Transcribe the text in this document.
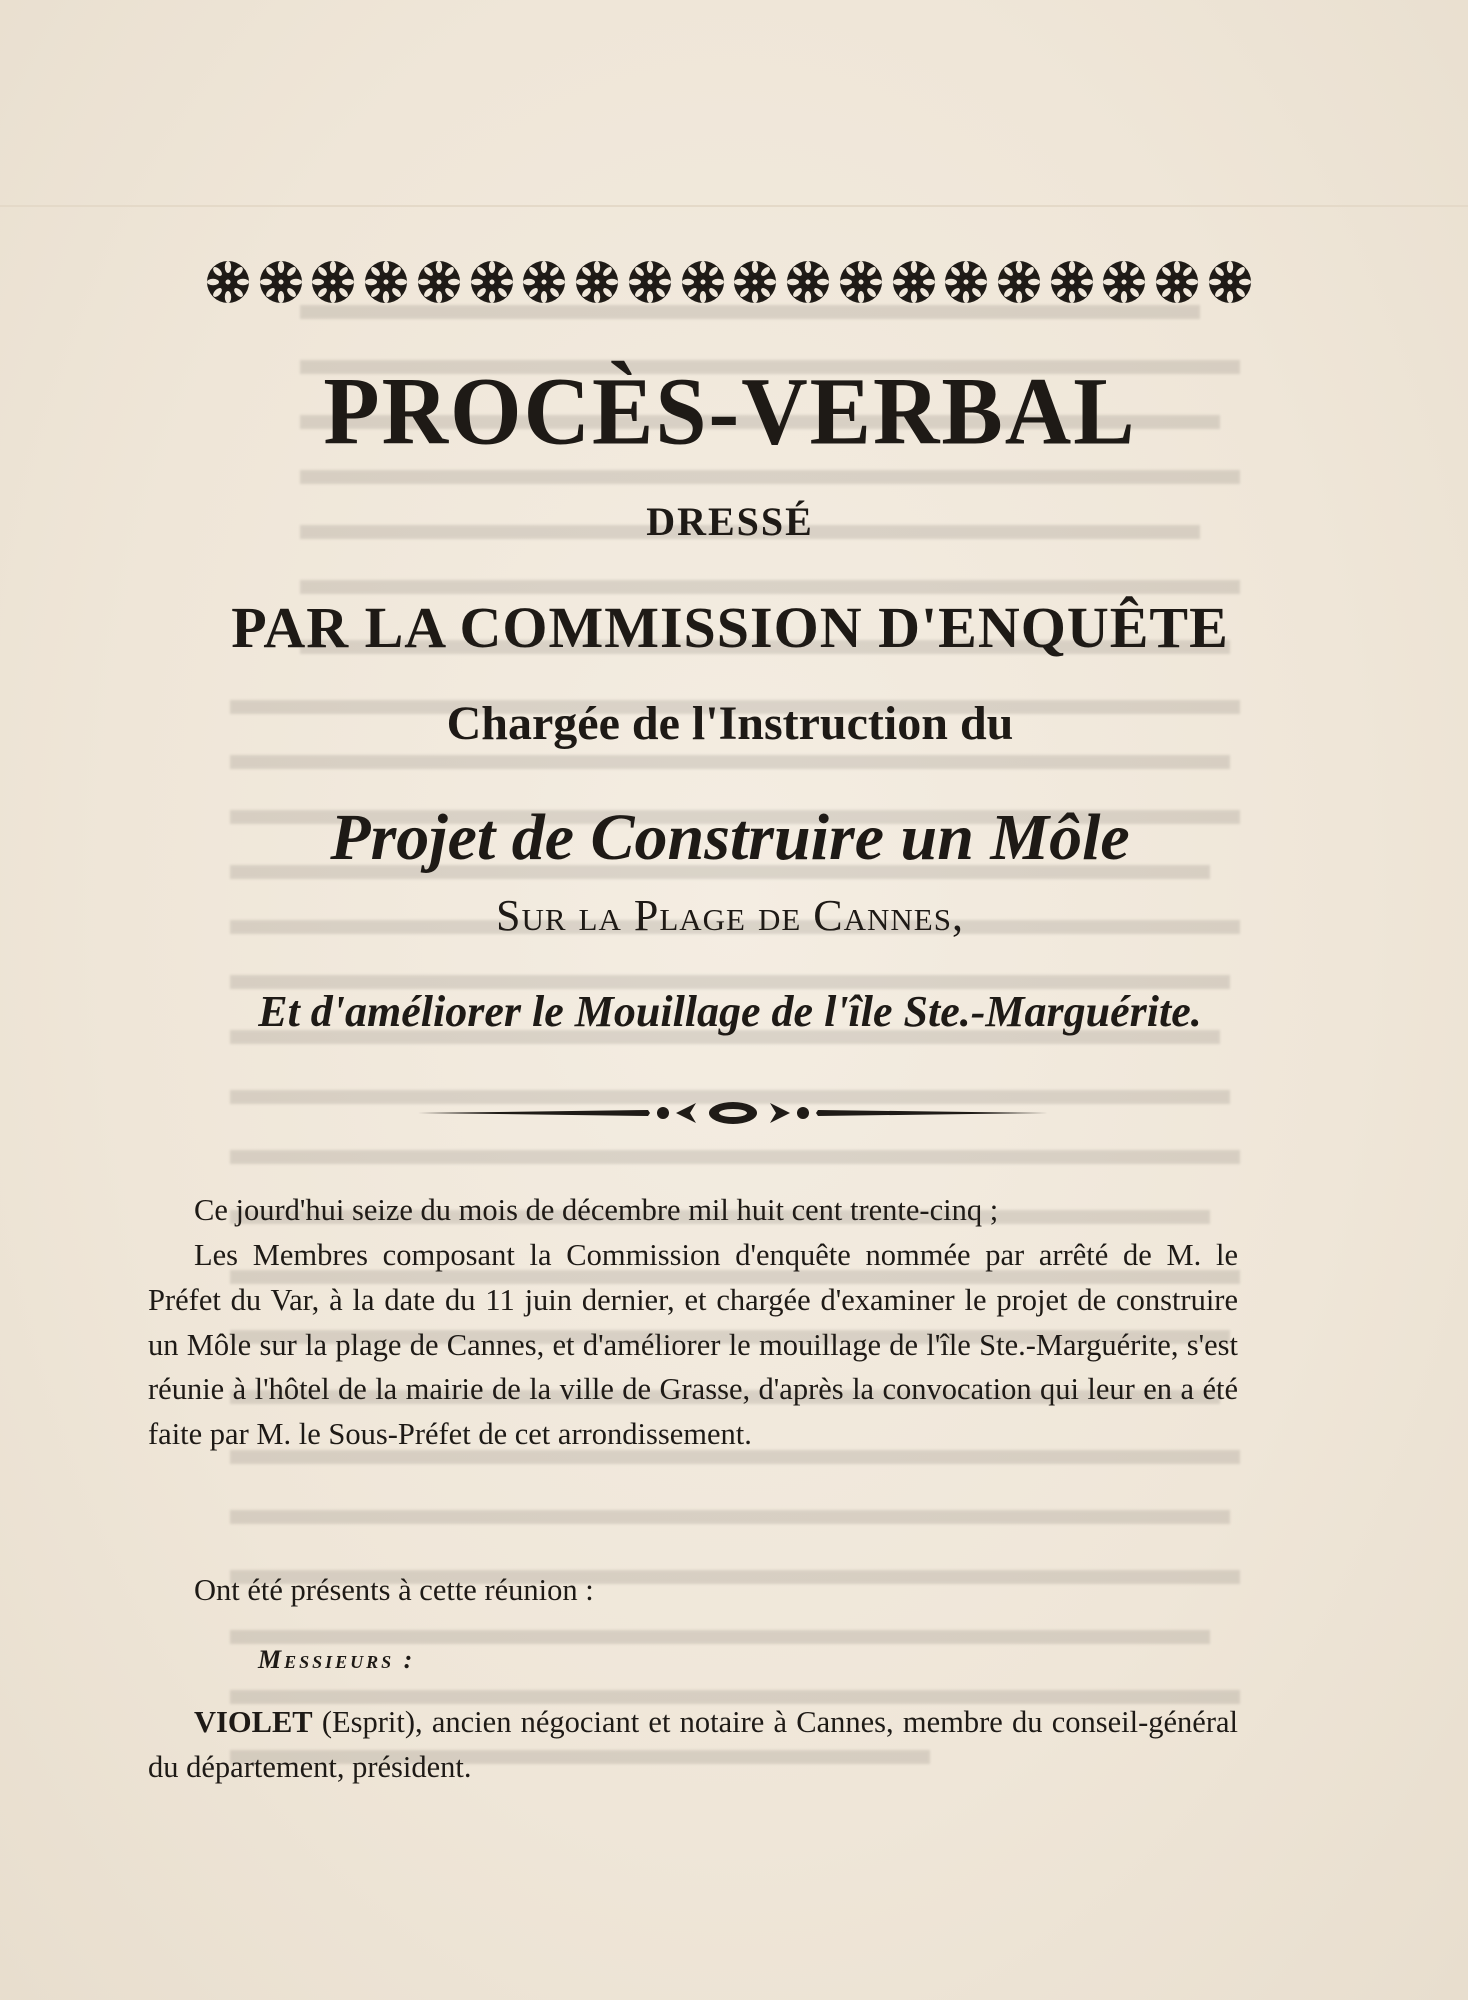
PROCÈS-VERBAL
DRESSÉ
PAR LA COMMISSION D'ENQUÊTE
Chargée de l'Instruction du
Projet de Construire un Môle
Sur la Plage de Cannes,
Et d'améliorer le Mouillage de l'île Ste.-Marguérite.

Ce jourd'hui seize du mois de décembre mil huit cent trente-cinq ;

Les Membres composant la Commission d'enquête nommée par arrêté de M. le Préfet du Var, à la date du 11 juin dernier, et chargée d'examiner le projet de construire un Môle sur la plage de Cannes, et d'améliorer le mouillage de l'île Ste.-Marguérite, s'est réunie à l'hôtel de la mairie de la ville de Grasse, d'après la convocation qui leur en a été faite par M. le Sous-Préfet de cet arrondissement.

Ont été présents à cette réunion :

Messieurs :

VIOLET (Esprit), ancien négociant et notaire à Cannes, membre du conseil-général du département, président.
